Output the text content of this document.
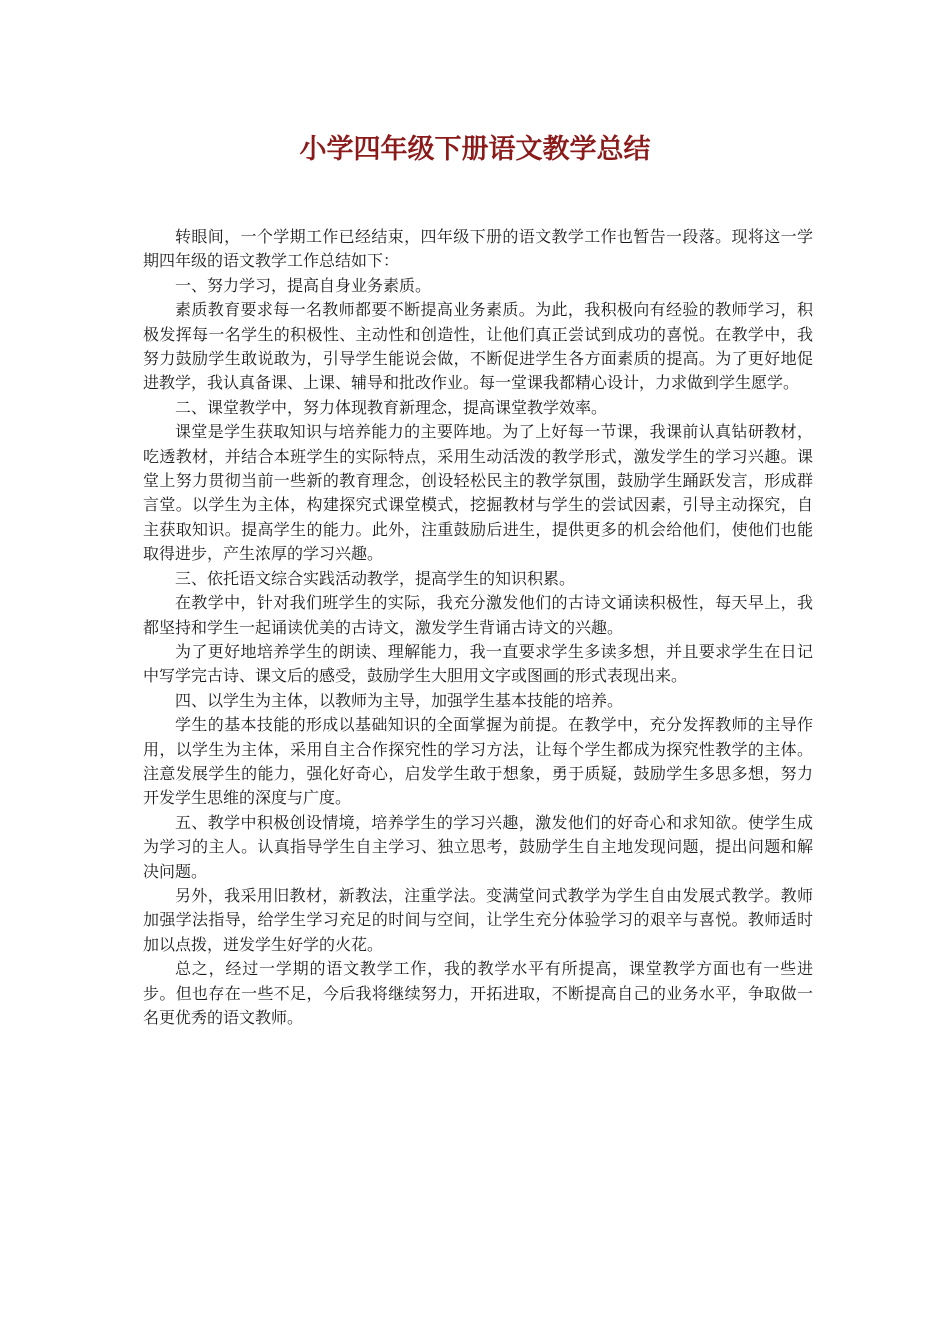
小学四年级下册语文教学总结

转眼间，一个学期工作已经结束，四年级下册的语文教学工作也暂告一段落。现将这一学期四年级的语文教学工作总结如下：

一、努力学习，提高自身业务素质。

素质教育要求每一名教师都要不断提高业务素质。为此，我积极向有经验的教师学习，积极发挥每一名学生的积极性、主动性和创造性，让他们真正尝试到成功的喜悦。在教学中，我努力鼓励学生敢说敢为，引导学生能说会做，不断促进学生各方面素质的提高。为了更好地促进教学，我认真备课、上课、辅导和批改作业。每一堂课我都精心设计，力求做到学生愿学。

二、课堂教学中，努力体现教育新理念，提高课堂教学效率。

课堂是学生获取知识与培养能力的主要阵地。为了上好每一节课，我课前认真钻研教材，吃透教材，并结合本班学生的实际特点，采用生动活泼的教学形式，激发学生的学习兴趣。课堂上努力贯彻当前一些新的教育理念，创设轻松民主的教学氛围，鼓励学生踊跃发言，形成群言堂。以学生为主体，构建探究式课堂模式，挖掘教材与学生的尝试因素，引导主动探究，自主获取知识。提高学生的能力。此外，注重鼓励后进生，提供更多的机会给他们，使他们也能取得进步，产生浓厚的学习兴趣。

三、依托语文综合实践活动教学，提高学生的知识积累。

在教学中，针对我们班学生的实际，我充分激发他们的古诗文诵读积极性，每天早上，我都坚持和学生一起诵读优美的古诗文，激发学生背诵古诗文的兴趣。

为了更好地培养学生的朗读、理解能力，我一直要求学生多读多想，并且要求学生在日记中写学完古诗、课文后的感受，鼓励学生大胆用文字或图画的形式表现出来。

四、以学生为主体，以教师为主导，加强学生基本技能的培养。

学生的基本技能的形成以基础知识的全面掌握为前提。在教学中，充分发挥教师的主导作用，以学生为主体，采用自主合作探究性的学习方法，让每个学生都成为探究性教学的主体。注意发展学生的能力，强化好奇心，启发学生敢于想象，勇于质疑，鼓励学生多思多想，努力开发学生思维的深度与广度。

五、教学中积极创设情境，培养学生的学习兴趣，激发他们的好奇心和求知欲。使学生成为学习的主人。认真指导学生自主学习、独立思考，鼓励学生自主地发现问题，提出问题和解决问题。

另外，我采用旧教材，新教法，注重学法。变满堂问式教学为学生自由发展式教学。教师加强学法指导，给学生学习充足的时间与空间，让学生充分体验学习的艰辛与喜悦。教师适时加以点拨，迸发学生好学的火花。

总之，经过一学期的语文教学工作，我的教学水平有所提高，课堂教学方面也有一些进步。但也存在一些不足，今后我将继续努力，开拓进取，不断提高自己的业务水平，争取做一名更优秀的语文教师。
